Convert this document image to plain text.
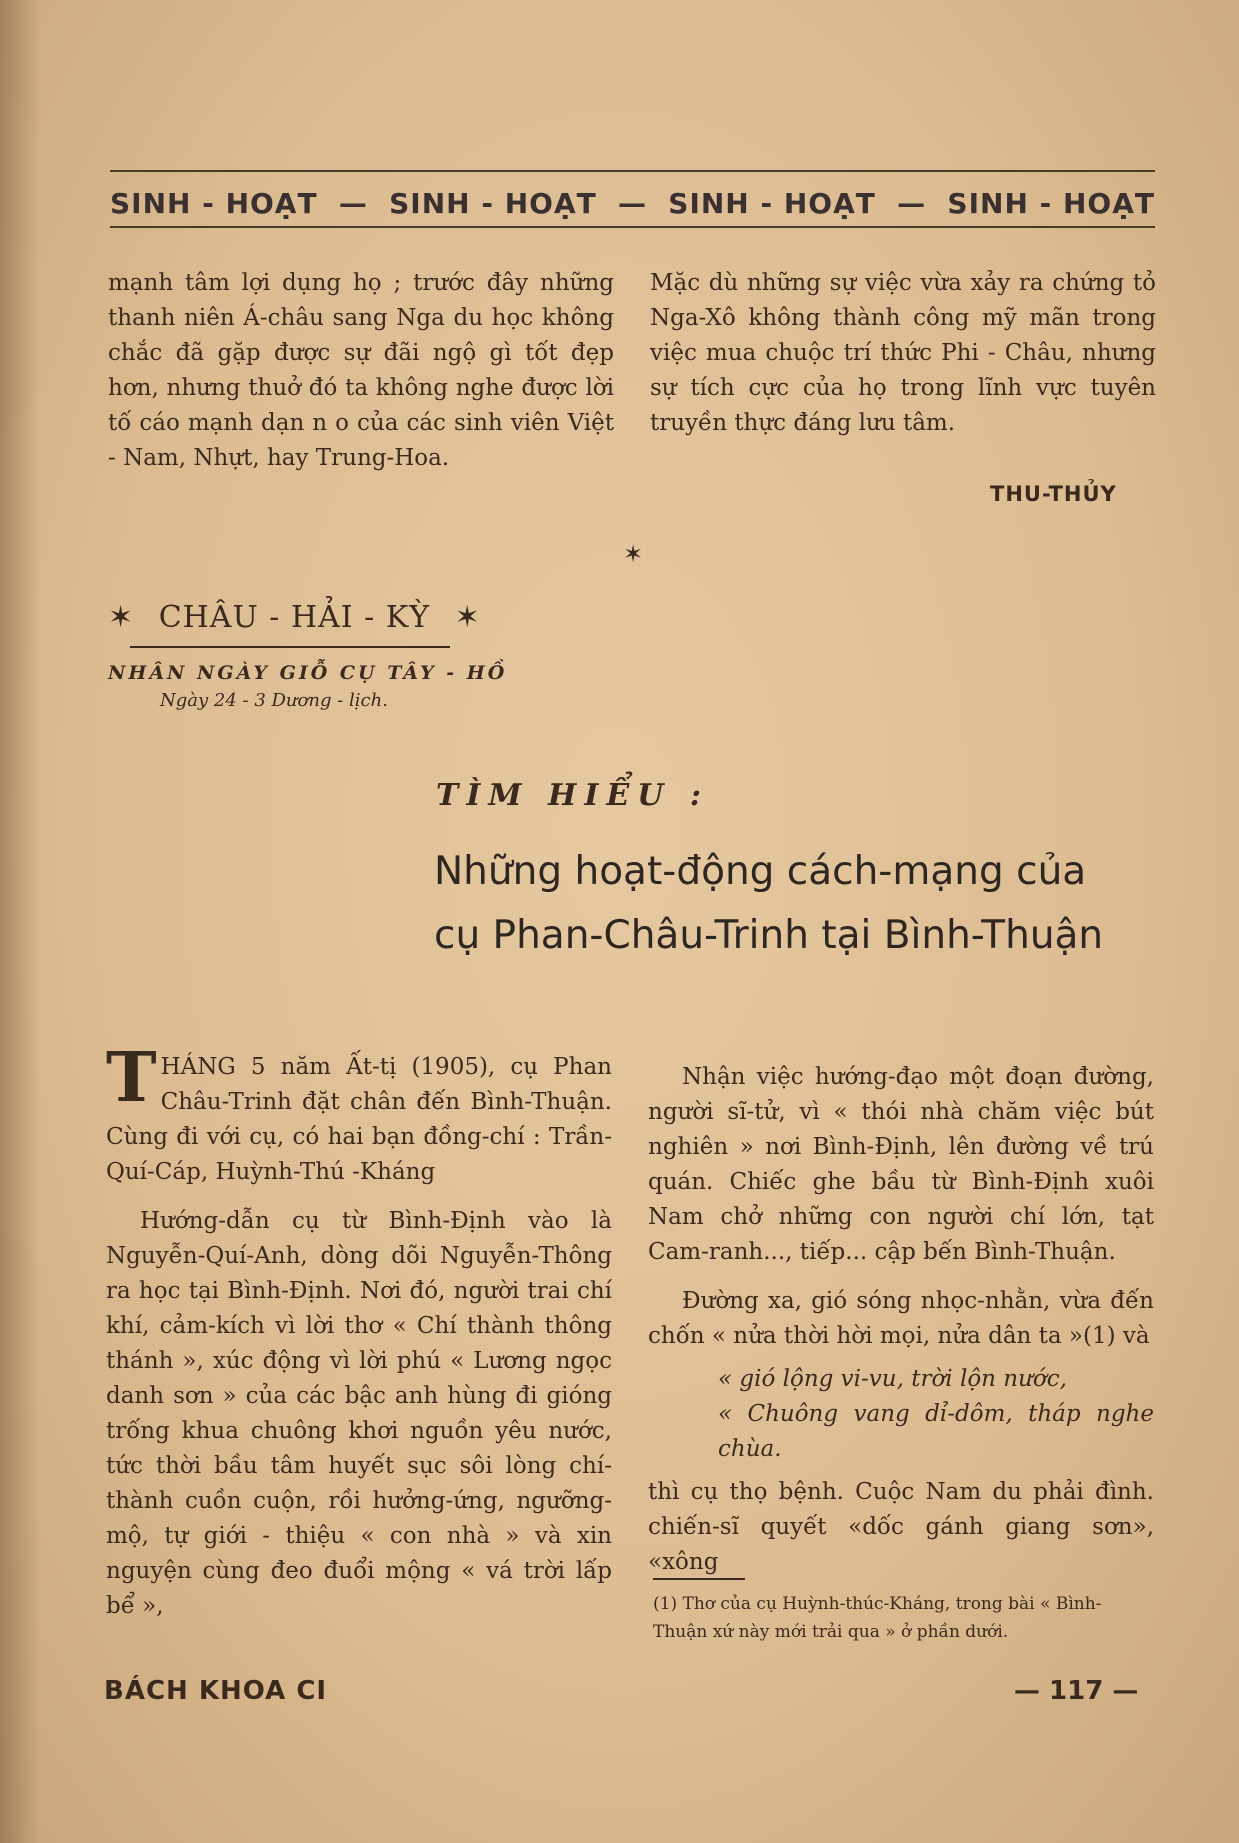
SINH - HOẠT — SINH - HOẠT — SINH - HOẠT — SINH - HOẠT

mạnh tâm lợi dụng họ ; trước đây những thanh niên Á-châu sang Nga du học không chắc đã gặp được sự đãi ngộ gì tốt đẹp hơn, nhưng thuở đó ta không nghe được lời tố cáo mạnh dạn n o của các sinh viên Việt - Nam, Nhựt, hay Trung-Hoa.

Mặc dù những sự việc vừa xảy ra chứng tỏ Nga-Xô không thành công mỹ mãn trong việc mua chuộc trí thức Phi - Châu, nhưng sự tích cực của họ trong lĩnh vực tuyên truyền thực đáng lưu tâm.

THU-THỦY
✶
✶ CHÂU - HẢI - KỲ ✶
NHÂN NGÀY GIỖ CỤ TÂY - HỒ
Ngày 24 - 3 Dương - lịch.
TÌM HIỂU :
Những hoạt-động cách-mạng của
cụ Phan-Châu-Trinh tại Bình-Thuận

THÁNG 5 năm Ất-tị (1905), cụ Phan Châu-Trinh đặt chân đến Bình-Thuận. Cùng đi với cụ, có hai bạn đồng-chí : Trần-Quí-Cáp, Huỳnh-Thú -Kháng

Hướng-dẫn cụ từ Bình-Định vào là Nguyễn-Quí-Anh, dòng dõi Nguyễn-Thông ra học tại Bình-Định. Nơi đó, người trai chí khí, cảm-kích vì lời thơ « Chí thành thông thánh », xúc động vì lời phú « Lương ngọc danh sơn » của các bậc anh hùng đi gióng trống khua chuông khơi nguồn yêu nước, tức thời bầu tâm huyết sục sôi lòng chí-thành cuồn cuộn, rồi hưởng-ứng, ngưỡng-mộ, tự giới - thiệu « con nhà » và xin nguyện cùng đeo đuổi mộng « vá trời lấp bể »,

Nhận việc hướng-đạo một đoạn đường, người sĩ-tử, vì « thói nhà chăm việc bút nghiên » nơi Bình-Định, lên đường về trú quán. Chiếc ghe bầu từ Bình-Định xuôi Nam chở những con người chí lớn, tạt Cam-ranh..., tiếp... cập bến Bình-Thuận.

Đường xa, gió sóng nhọc-nhằn, vừa đến chốn « nửa thời hời mọi, nửa dân ta »(1) và

« gió lộng vi-vu, trời lộn nước,

« Chuông vang dỉ-dôm, tháp nghe chùa.

thì cụ thọ bệnh. Cuộc Nam du phải đình. chiến-sĩ quyết «dốc gánh giang sơn», «xông

(1) Thơ của cụ Huỳnh-thúc-Kháng, trong bài « Bình-Thuận xứ này mới trải qua » ở phần dưới.
BÁCH KHOA CI	— 117 —
